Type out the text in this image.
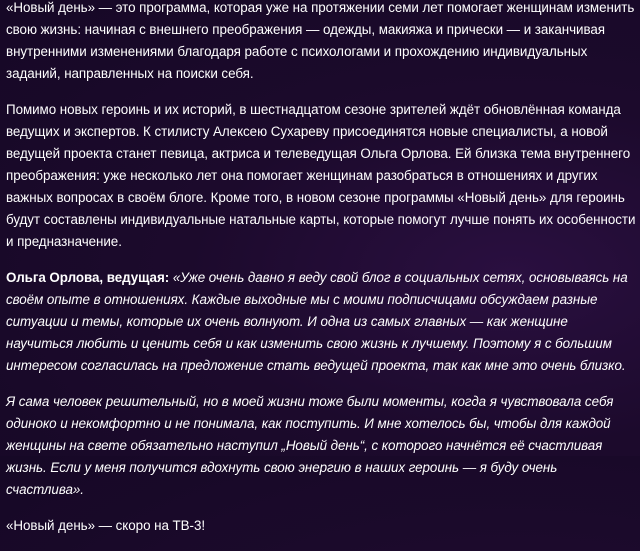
«Новый день» — это программа, которая уже на протяжении семи лет помогает женщинам изменить свою жизнь: начиная с внешнего преображения — одежды, макияжа и прически — и заканчивая внутренними изменениями благодаря работе с психологами и прохождению индивидуальных заданий, направленных на поиски себя.

Помимо новых героинь и их историй, в шестнадцатом сезоне зрителей ждёт обновлённая команда ведущих и экспертов. К стилисту Алексею Сухареву присоединятся новые специалисты, а новой ведущей проекта станет певица, актриса и телеведущая Ольга Орлова. Ей близка тема внутреннего преображения: уже несколько лет она помогает женщинам разобраться в отношениях и других важных вопросах в своём блоге. Кроме того, в новом сезоне программы «Новый день» для героинь будут составлены индивидуальные натальные карты, которые помогут лучше понять их особенности и предназначение.

Ольга Орлова, ведущая: «Уже очень давно я веду свой блог в социальных сетях, основываясь на своём опыте в отношениях. Каждые выходные мы с моими подписчицами обсуждаем разные ситуации и темы, которые их очень волнуют. И одна из самых главных — как женщине научиться любить и ценить себя и как изменить свою жизнь к лучшему. Поэтому я с большим интересом согласилась на предложение стать ведущей проекта, так как мне это очень близко.

Я сама человек решительный, но в моей жизни тоже были моменты, когда я чувствовала себя одиноко и некомфортно и не понимала, как поступить. И мне хотелось бы, чтобы для каждой женщины на свете обязательно наступил „Новый день“, с которого начнётся её счастливая жизнь. Если у меня получится вдохнуть свою энергию в наших героинь — я буду очень счастлива».

«Новый день» — скоро на ТВ-3!
